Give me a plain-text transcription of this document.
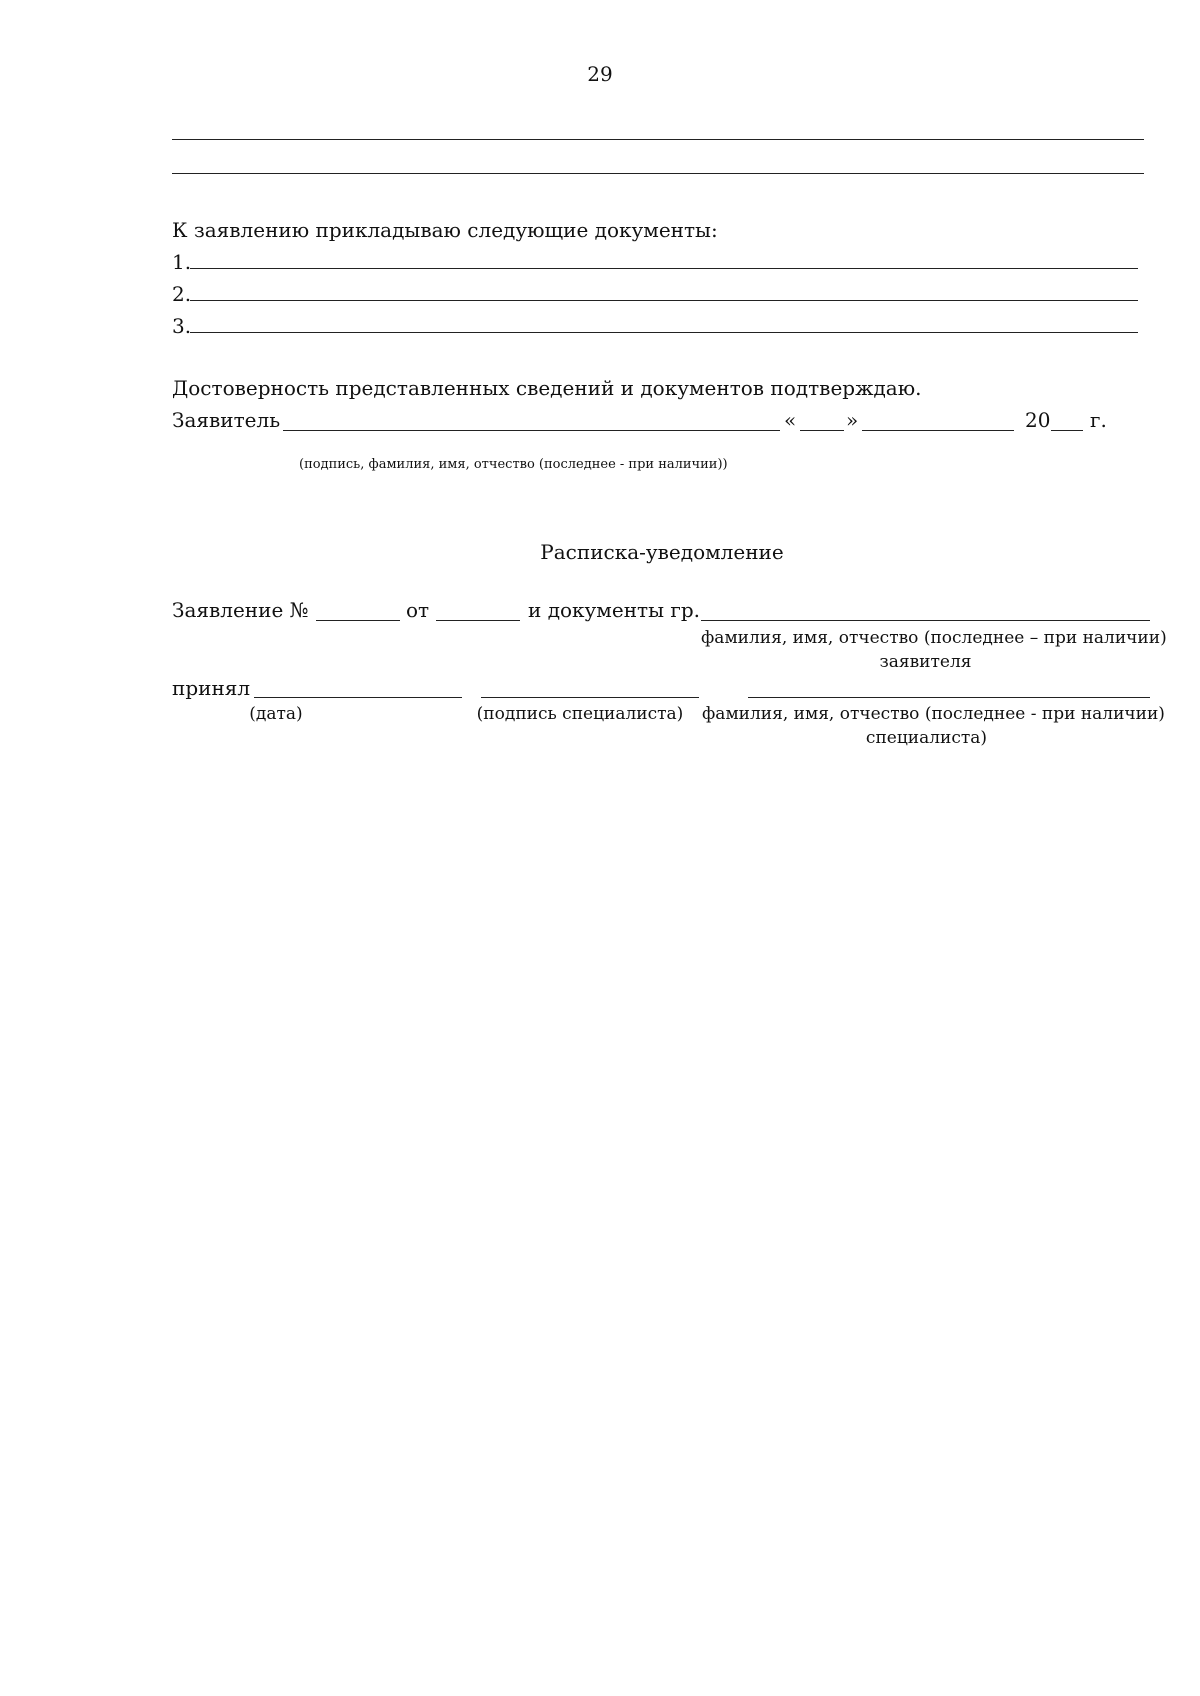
29
К заявлению прикладываю следующие документы:
1.
2.
3.
Достоверность представленных сведений и документов подтверждаю.
Заявитель	« »	20 г.
(подпись, фамилия, имя, отчество (последнее - при наличии))
Расписка-уведомление
Заявление №	от	и документы гр.
фамилия, имя, отчество (последнее – при наличии)
заявителя
принял
(дата)	(подпись специалиста)	фамилия, имя, отчество (последнее - при наличии)
специалиста)
